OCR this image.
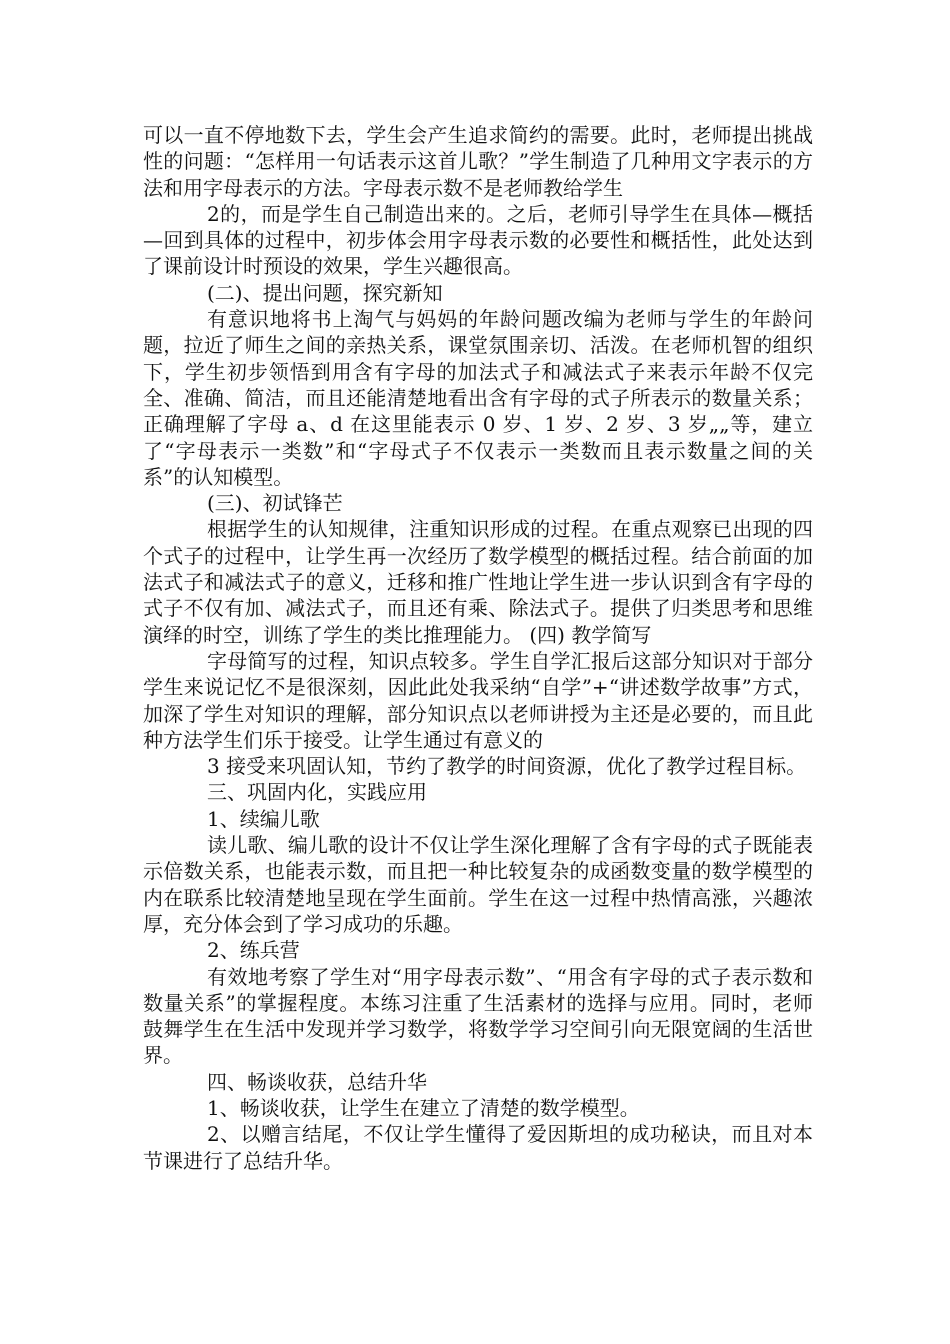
可以一直不停地数下去，学生会产生追求简约的需要。此时，老师提出挑战性的问题：“怎样用一句话表示这首儿歌？”学生制造了几种用文字表示的方法和用字母表示的方法。字母表示数不是老师教给学生

2的，而是学生自己制造出来的。之后，老师引导学生在具体—概括—回到具体的过程中，初步体会用字母表示数的必要性和概括性，此处达到了课前设计时预设的效果，学生兴趣很高。

(二)、提出问题，探究新知

有意识地将书上淘气与妈妈的年龄问题改编为老师与学生的年龄问题，拉近了师生之间的亲热关系，课堂氛围亲切、活泼。在老师机智的组织下，学生初步领悟到用含有字母的加法式子和减法式子来表示年龄不仅完全、准确、简洁，而且还能清楚地看出含有字母的式子所表示的数量关系；正确理解了字母 a、d 在这里能表示 0 岁、1 岁、2 岁、3 岁„„等，建立了“字母表示一类数”和“字母式子不仅表示一类数而且表示数量之间的关系”的认知模型。

(三)、初试锋芒

根据学生的认知规律，注重知识形成的过程。在重点观察已出现的四个式子的过程中，让学生再一次经历了数学模型的概括过程。结合前面的加法式子和减法式子的意义，迁移和推广性地让学生进一步认识到含有字母的式子不仅有加、减法式子，而且还有乘、除法式子。提供了归类思考和思维演绎的时空，训练了学生的类比推理能力。 (四) 教学简写

字母简写的过程，知识点较多。学生自学汇报后这部分知识对于部分学生来说记忆不是很深刻，因此此处我采纳“自学”+“讲述数学故事”方式，加深了学生对知识的理解，部分知识点以老师讲授为主还是必要的，而且此种方法学生们乐于接受。让学生通过有意义的

3 接受来巩固认知，节约了教学的时间资源，优化了教学过程目标。

三、巩固内化，实践应用

1、续编儿歌

读儿歌、编儿歌的设计不仅让学生深化理解了含有字母的式子既能表示倍数关系，也能表示数，而且把一种比较复杂的成函数变量的数学模型的内在联系比较清楚地呈现在学生面前。学生在这一过程中热情高涨，兴趣浓厚，充分体会到了学习成功的乐趣。

2、练兵营

有效地考察了学生对“用字母表示数”、“用含有字母的式子表示数和数量关系”的掌握程度。本练习注重了生活素材的选择与应用。同时，老师鼓舞学生在生活中发现并学习数学，将数学学习空间引向无限宽阔的生活世界。

四、畅谈收获，总结升华

1、畅谈收获，让学生在建立了清楚的数学模型。

2、以赠言结尾，不仅让学生懂得了爱因斯坦的成功秘诀，而且对本节课进行了总结升华。
